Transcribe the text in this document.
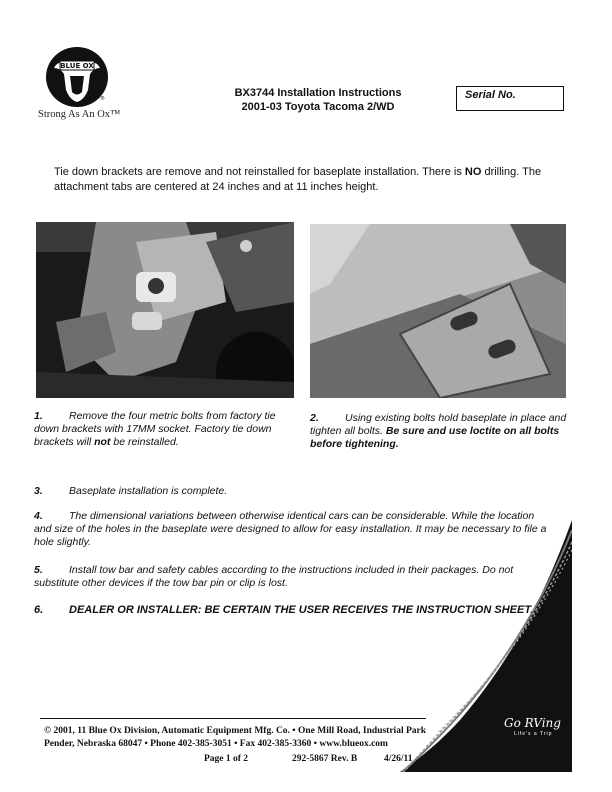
BLUE OX
®
Strong As An Ox™
BX3744 Installation Instructions
2001-03 Toyota Tacoma 2/WD
Serial No.
Tie down brackets are remove and not reinstalled for baseplate installation. There is NO drilling. The attachment tabs are centered at 24 inches and at 11 inches height.
1. Remove the four metric bolts from factory tie down brackets with 17MM socket. Factory tie down brackets will not be reinstalled.
2. Using existing bolts hold baseplate in place and tighten all bolts. Be sure and use loctite on all bolts before tightening.
3. Baseplate installation is complete.
4. The dimensional variations between otherwise identical cars can be considerable. While the location and size of the holes in the baseplate were designed to allow for easy installation. It may be necessary to file a hole slightly.
5. Install tow bar and safety cables according to the instructions included in their packages. Do not substitute other devices if the tow bar pin or clip is lost.
6. DEALER OR INSTALLER: BE CERTAIN THE USER RECEIVES THE INSTRUCTION SHEET.
Go RVing
Life's a Trip
© 2001, 11 Blue Ox Division, Automatic Equipment Mfg. Co. • One Mill Road, Industrial Park
Pender, Nebraska 68047 • Phone 402-385-3051 • Fax 402-385-3360 • www.blueox.com
Page 1 of 2	292-5867 Rev. B	4/26/11
